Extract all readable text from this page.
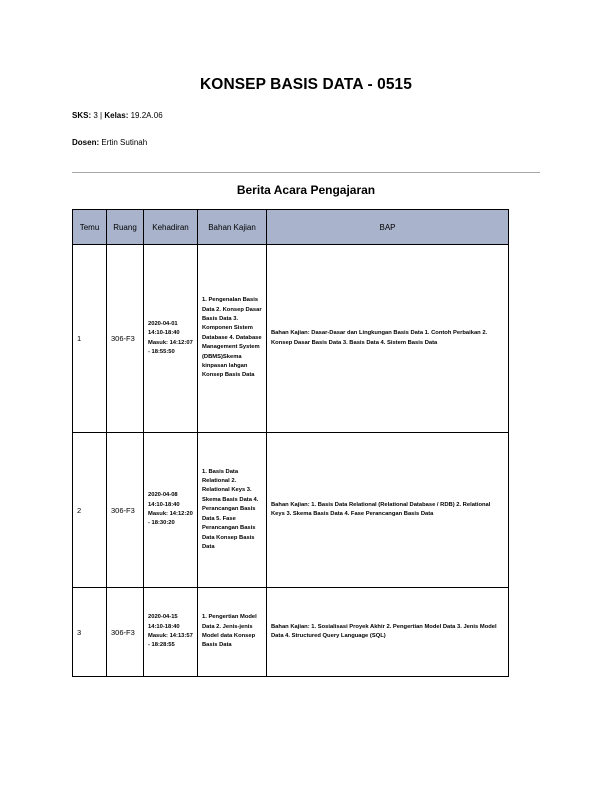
KONSEP BASIS DATA - 0515
SKS: 3 | Kelas: 19.2A.06
Dosen: Ertin Sutinah
Berita Acara Pengajaran
Temu	Ruang	Kehadiran	Bahan Kajian	BAP
1	306-F3	2020-04-01 14:10-18:40 Masuk: 14:12:07 - 18:55:50	1. Pengenalan Basis Data 2. Konsep Dasar Basis Data 3. Komponen Sistem Database 4. Database Management System (DBMS)Skema kinpasan lahgan Konsep Basis Data	Bahan Kajian: Dasar-Dasar dan Lingkungan Basis Data 1. Contoh Perbaikan 2. Konsep Dasar Basis Data 3. Basis Data 4. Sistem Basis Data
2	306-F3	2020-04-08 14:10-18:40 Masuk: 14:12:20 - 18:30:20	1. Basis Data Relational 2. Relational Keys 3. Skema Basis Data 4. Perancangan Basis Data 5. Fase Perancangan Basis Data Konsep Basis Data	Bahan Kajian: 1. Basis Data Relational (Relational Database / RDB) 2. Relational Keys 3. Skema Basis Data 4. Fase Perancangan Basis Data
3	306-F3	2020-04-15 14:10-18:40 Masuk: 14:13:57 - 18:28:55	1. Pengertian Model Data 2. Jenis-jenis Model data Konsep Basis Data	Bahan Kajian: 1. Sosialisasi Proyek Akhir 2. Pengertian Model Data 3. Jenis Model Data 4. Structured Query Language (SQL)
